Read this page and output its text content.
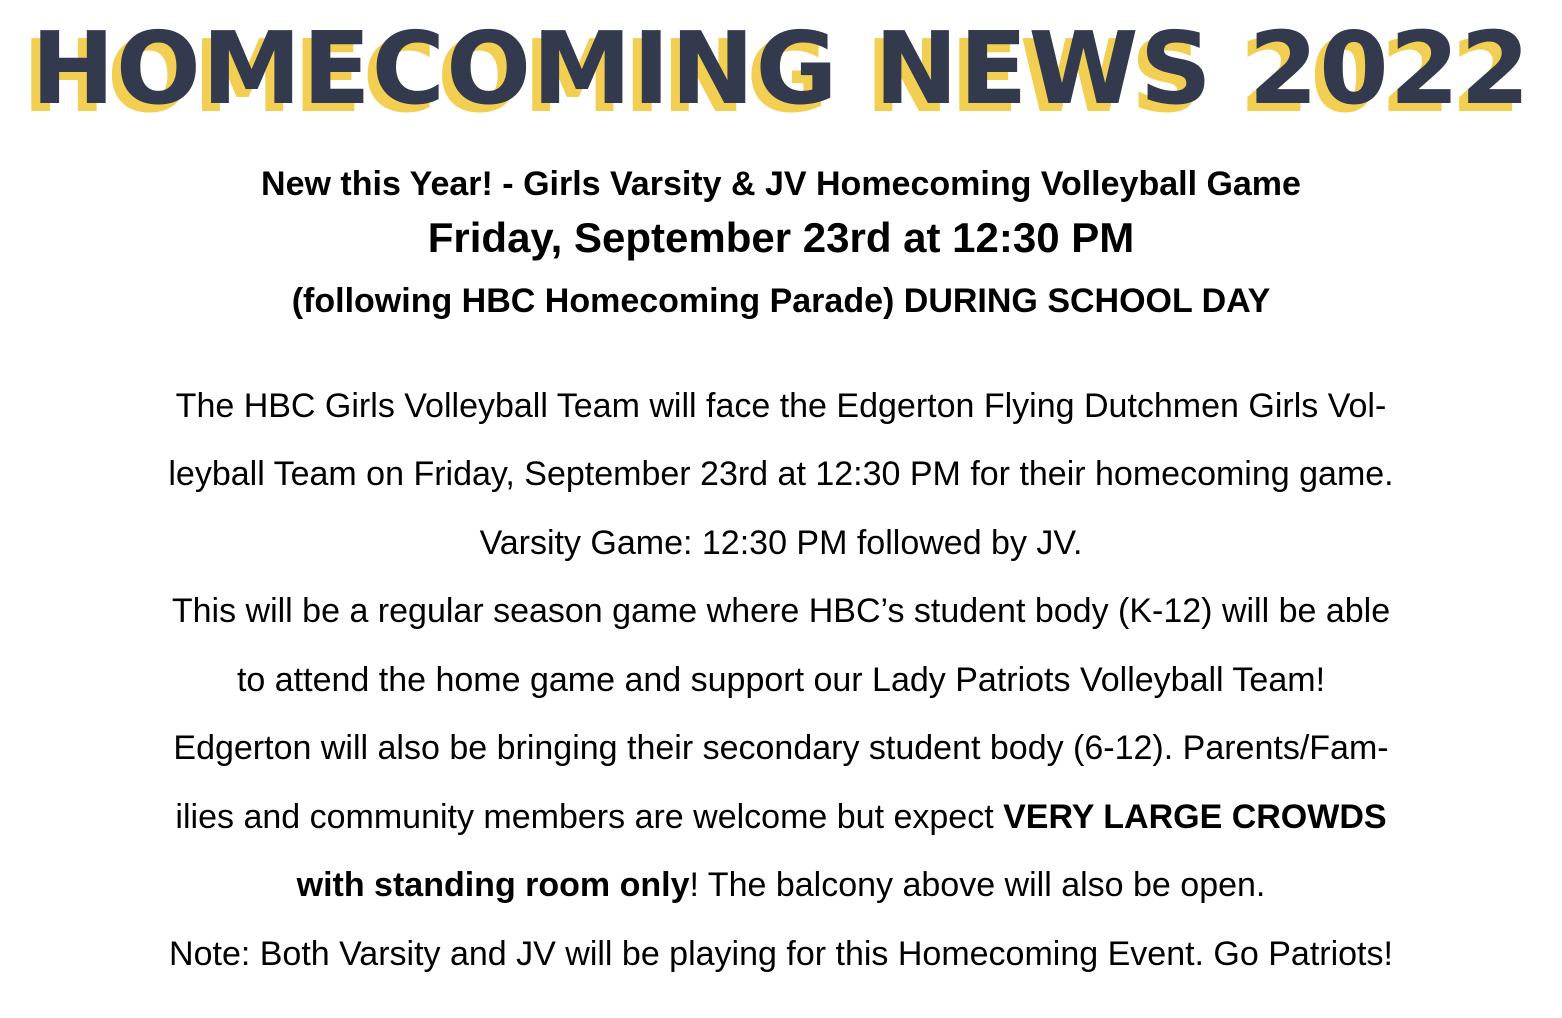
HOMECOMING NEWS 2022
New this Year! - Girls Varsity & JV Homecoming Volleyball Game
Friday, September 23rd at 12:30 PM
(following HBC Homecoming Parade) DURING SCHOOL DAY
The HBC Girls Volleyball Team will face the Edgerton Flying Dutchmen Girls Vol-
leyball Team on Friday, September 23rd at 12:30 PM for their homecoming game.
Varsity Game: 12:30 PM followed by JV.
This will be a regular season game where HBC’s student body (K-12) will be able
to attend the home game and support our Lady Patriots Volleyball Team!
Edgerton will also be bringing their secondary student body (6-12). Parents/Fam-
ilies and community members are welcome but expect VERY LARGE CROWDS
with standing room only! The balcony above will also be open.
Note: Both Varsity and JV will be playing for this Homecoming Event. Go Patriots!
